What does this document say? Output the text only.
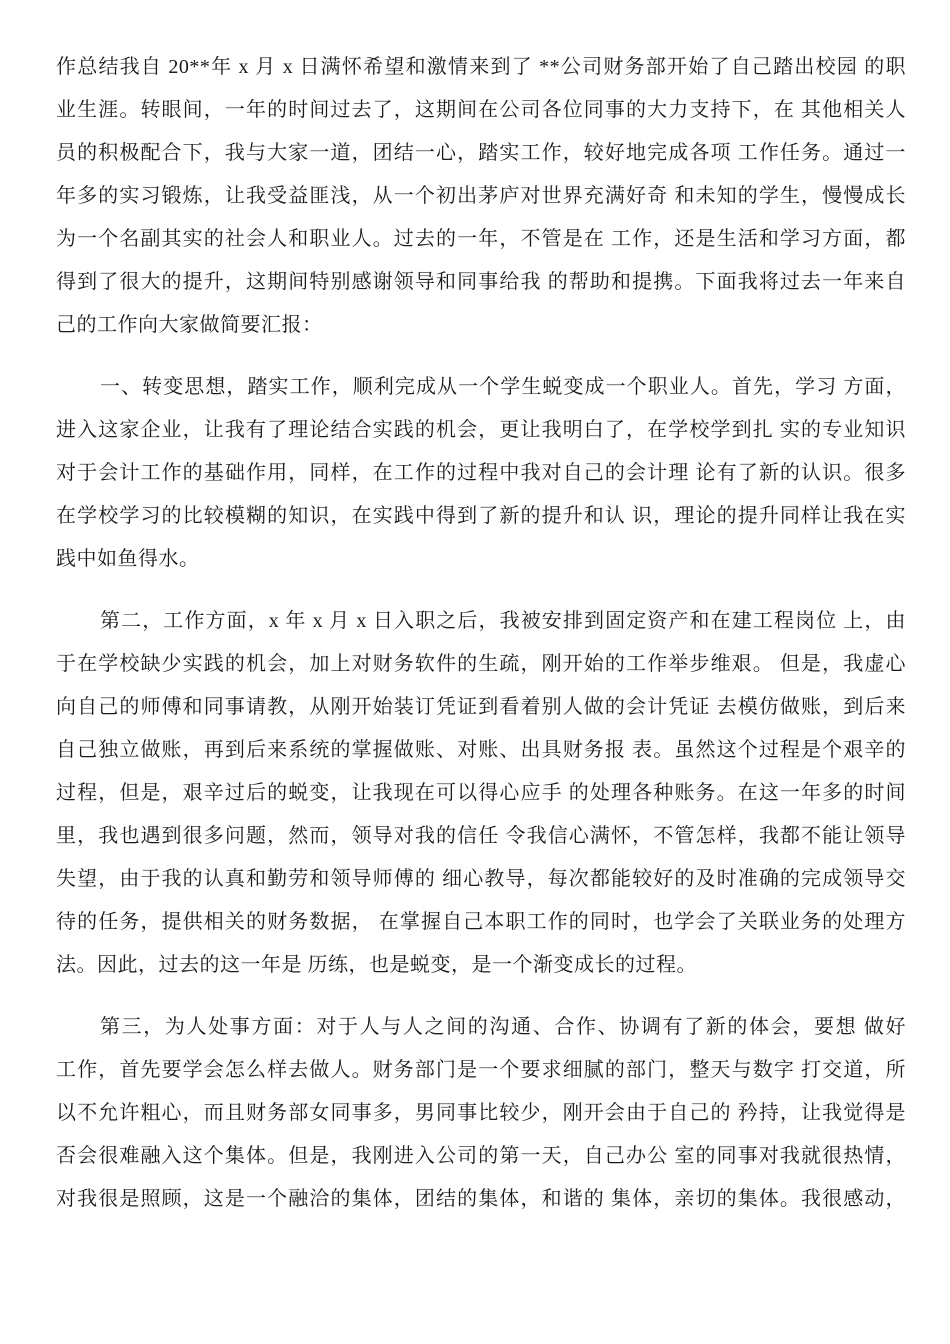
作总结我自 20**年 x 月 x 日满怀希望和激情来到了 **公司财务部开始了自己踏出校园 的职
业生涯。转眼间，一年的时间过去了，这期间在公司各位同事的大力支持下，在 其他相关人
员的积极配合下，我与大家一道，团结一心，踏实工作，较好地完成各项 工作任务。通过一
年多的实习锻炼，让我受益匪浅，从一个初出茅庐对世界充满好奇 和未知的学生，慢慢成长
为一个名副其实的社会人和职业人。过去的一年，不管是在 工作，还是生活和学习方面，都
得到了很大的提升，这期间特别感谢领导和同事给我 的帮助和提携。下面我将过去一年来自
己的工作向大家做简要汇报：
一、转变思想，踏实工作，顺利完成从一个学生蜕变成一个职业人。首先，学习 方面，
进入这家企业，让我有了理论结合实践的机会，更让我明白了，在学校学到扎 实的专业知识
对于会计工作的基础作用，同样，在工作的过程中我对自己的会计理 论有了新的认识。很多
在学校学习的比较模糊的知识，在实践中得到了新的提升和认 识，理论的提升同样让我在实
践中如鱼得水。
第二，工作方面，x 年 x 月 x 日入职之后，我被安排到固定资产和在建工程岗位 上，由
于在学校缺少实践的机会，加上对财务软件的生疏，刚开始的工作举步维艰。 但是，我虚心
向自己的师傅和同事请教，从刚开始装订凭证到看着别人做的会计凭证 去模仿做账，到后来
自己独立做账，再到后来系统的掌握做账、对账、出具财务报 表。虽然这个过程是个艰辛的
过程，但是，艰辛过后的蜕变，让我现在可以得心应手 的处理各种账务。在这一年多的时间
里，我也遇到很多问题，然而，领导对我的信任 令我信心满怀，不管怎样，我都不能让领导
失望，由于我的认真和勤劳和领导师傅的 细心教导，每次都能较好的及时准确的完成领导交
待的任务，提供相关的财务数据， 在掌握自己本职工作的同时，也学会了关联业务的处理方
法。因此，过去的这一年是 历练，也是蜕变，是一个渐变成长的过程。
第三，为人处事方面：对于人与人之间的沟通、合作、协调有了新的体会，要想 做好
工作，首先要学会怎么样去做人。财务部门是一个要求细腻的部门，整天与数字 打交道，所
以不允许粗心，而且财务部女同事多，男同事比较少，刚开会由于自己的 矜持，让我觉得是
否会很难融入这个集体。但是，我刚进入公司的第一天，自己办公 室的同事对我就很热情，
对我很是照顾，这是一个融洽的集体，团结的集体，和谐的 集体，亲切的集体。我很感动，
